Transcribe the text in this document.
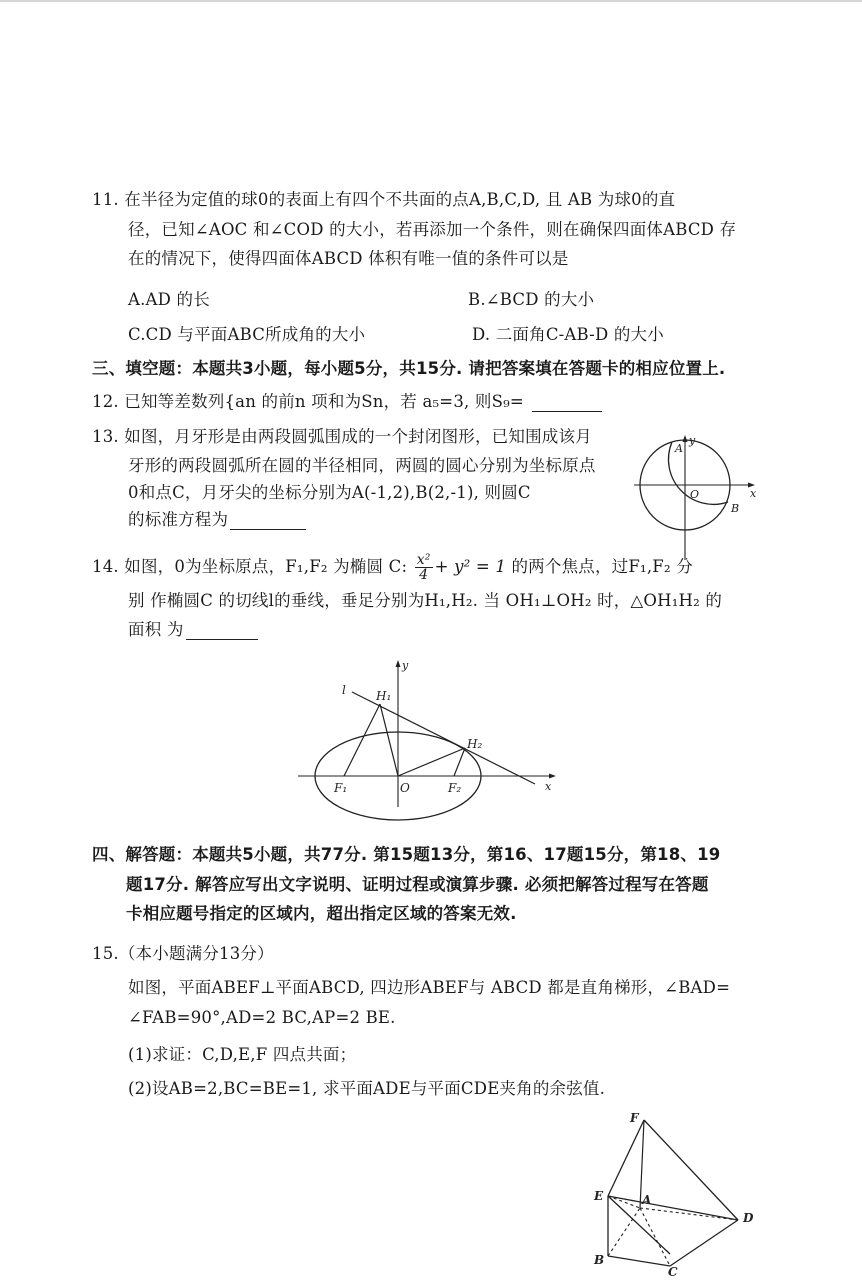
11. 在半径为定值的球0的表面上有四个不共面的点A,B,C,D, 且 AB 为球0的直
径，已知∠AOC 和∠COD 的大小，若再添加一个条件，则在确保四面体ABCD 存
在的情况下，使得四面体ABCD 体积有唯一值的条件可以是
A.AD 的长	B.∠BCD 的大小
C.CD 与平面ABC所成角的大小	D. 二面角C-AB-D 的大小
三、填空题：本题共3小题，每小题5分，共15分. 请把答案填在答题卡的相应位置上.
12. 已知等差数列{an 的前n 项和为Sn，若 a₅=3, 则S₉=
13. 如图，月牙形是由两段圆弧围成的一个封闭图形，已知围成该月
牙形的两段圆弧所在圆的半径相同，两圆的圆心分别为坐标原点
0和点C，月牙尖的坐标分别为A(-1,2),B(2,-1), 则圆C
的标准方程为
A
y
O
B
x
14. 如图，0为坐标原点，F₁,F₂ 为椭圆 C: $\frac{\text{x²}}{4} + y^2 = 1$ 的两个焦点，过F₁,F₂ 分
别 作椭圆C 的切线l的垂线，垂足分别为H₁,H₂. 当 OH₁⊥OH₂ 时，△OH₁H₂ 的
面积 为
l	H₁
H₂
F₁	F₂
O
y
x
四、解答题：本题共5小题，共77分. 第15题13分，第16、17题15分，第18、19
题17分. 解答应写出文字说明、证明过程或演算步骤. 必须把解答过程写在答题
卡相应题号指定的区域内，超出指定区域的答案无效.
15.（本小题满分13分）
如图，平面ABEF⊥平面ABCD, 四边形ABEF与 ABCD 都是直角梯形，∠BAD=
∠FAB=90°,AD=2 BC,AP=2 BE.
(1)求证：C,D,E,F 四点共面；
(2)设AB=2,BC=BE=1, 求平面ADE与平面CDE夹角的余弦值.
F
E	A
D
B
C
